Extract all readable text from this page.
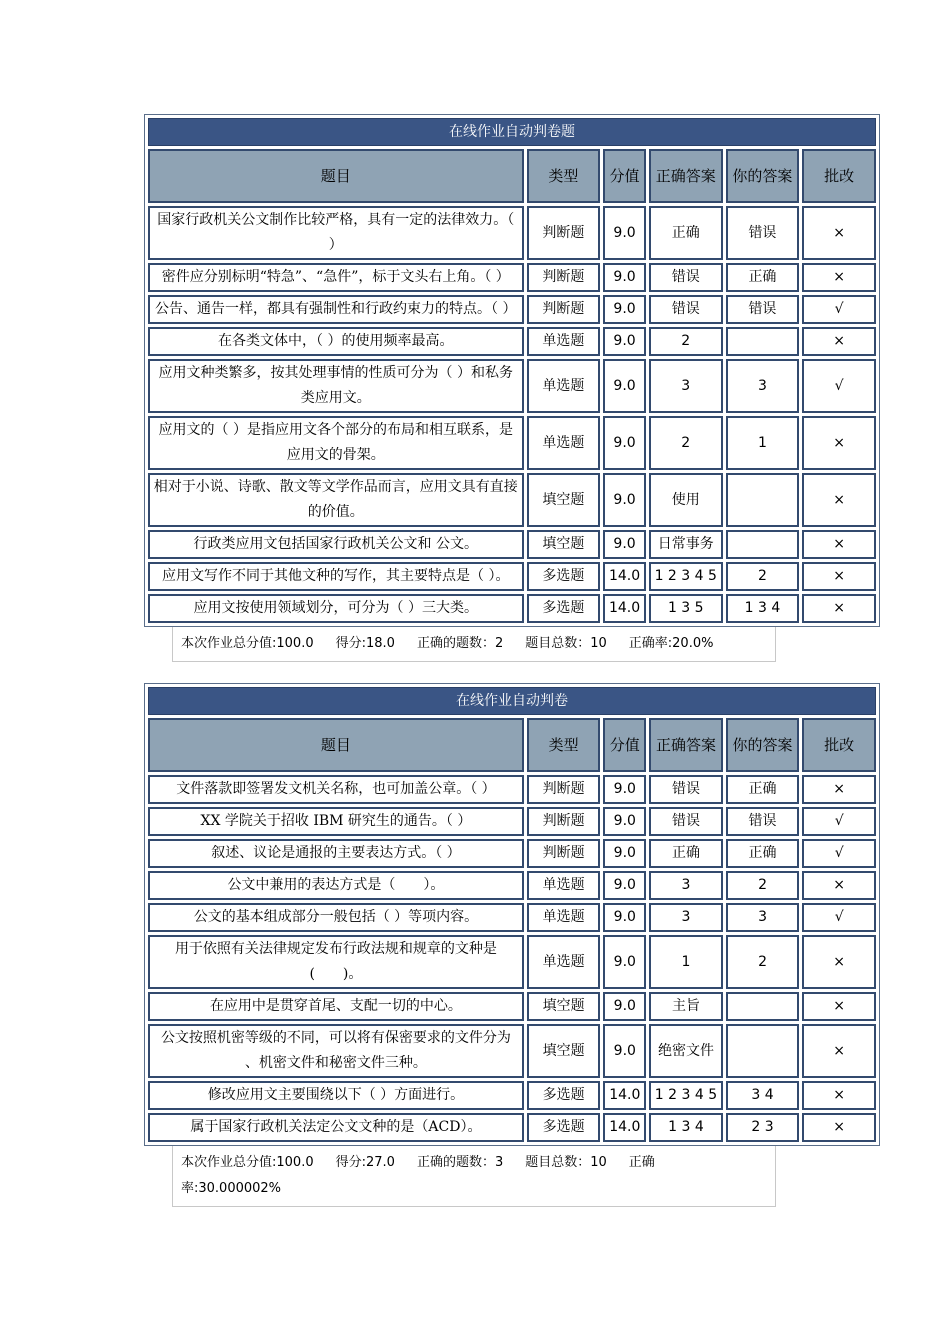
在线作业自动判卷题					
题目	类型	分值	正确答案	你的答案	批改
国家行政机关公文制作比较严格，具有一定的法律效力。（ ）	判断题	9.0	正确	错误	×
密件应分别标明“特急”、“急件”，标于文头右上角。（ ）	判断题	9.0	错误	正确	×
公告、通告一样，都具有强制性和行政约束力的特点。（ ）	判断题	9.0	错误	错误	√
在各类文体中，（ ）的使用频率最高。	单选题	9.0	2		×
应用文种类繁多，按其处理事情的性质可分为（ ）和私务类应用文。	单选题	9.0	3	3	√
应用文的（ ）是指应用文各个部分的布局和相互联系，是应用文的骨架。	单选题	9.0	2	1	×
相对于小说、诗歌、散文等文学作品而言，应用文具有直接的价值。	填空题	9.0	使用		×
行政类应用文包括国家行政机关公文和 公文。	填空题	9.0	日常事务		×
应用文写作不同于其他文种的写作，其主要特点是（ ）。	多选题	14.0	1 2 3 4 5	2	×
应用文按使用领域划分，可分为（ ）三大类。	多选题	14.0	1 3 5	1 3 4	×
本次作业总分值:100.0 得分:18.0 正确的题数：2 题目总数：10 正确率:20.0%
在线作业自动判卷					
题目	类型	分值	正确答案	你的答案	批改
文件落款即签署发文机关名称，也可加盖公章。（ ）	判断题	9.0	错误	正确	×
XX 学院关于招收 IBM 研究生的通告。（ ）	判断题	9.0	错误	错误	√
叙述、议论是通报的主要表达方式。（ ）	判断题	9.0	正确	正确	√
公文中兼用的表达方式是（　　）。	单选题	9.0	3	2	×
公文的基本组成部分一般包括（ ）等项内容。	单选题	9.0	3	3	√
用于依照有关法律规定发布行政法规和规章的文种是(　　)。	单选题	9.0	1	2	×
在应用中是贯穿首尾、支配一切的中心。	填空题	9.0	主旨		×
公文按照机密等级的不同，可以将有保密要求的文件分为 、机密文件和秘密文件三种。	填空题	9.0	绝密文件		×
修改应用文主要围绕以下（ ）方面进行。	多选题	14.0	1 2 3 4 5	3 4	×
属于国家行政机关法定公文文种的是（ACD）。	多选题	14.0	1 3 4	2 3	×
本次作业总分值:100.0 得分:27.0 正确的题数：3 题目总数：10 正确率:30.000002%
